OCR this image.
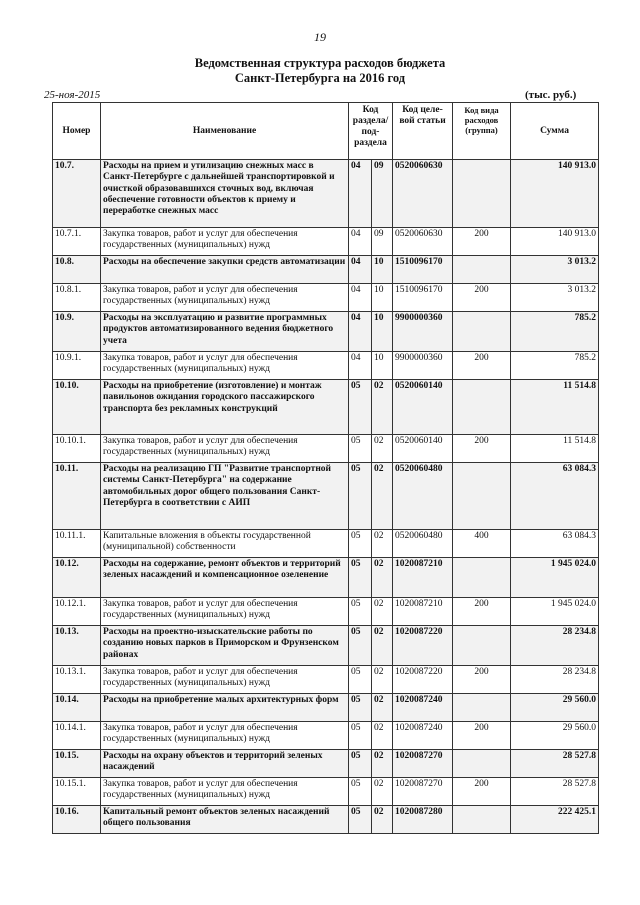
19
Ведомственная структура расходов бюджета
Санкт-Петербурга на 2016 год
25-ноя-2015	(тыс. руб.)
Номер	Наименование	Код раздела/ под- раздела		Код целе- вой статьи	Код вида расходов (группа)	Сумма
10.7.	Расходы на прием и утилизацию снежных масс в Санкт-Петербурге с дальнейшей транспортировкой и очисткой образовавшихся сточных вод, включая обеспечение готовности объектов к приему и переработке снежных масс	04	09	0520060630		140 913.0
10.7.1.	Закупка товаров, работ и услуг для обеспечения государственных (муниципальных) нужд	04	09	0520060630	200	140 913.0
10.8.	Расходы на обеспечение закупки средств автоматизации	04	10	1510096170		3 013.2
10.8.1.	Закупка товаров, работ и услуг для обеспечения государственных (муниципальных) нужд	04	10	1510096170	200	3 013.2
10.9.	Расходы на эксплуатацию и развитие программных продуктов автоматизированного ведения бюджетного учета	04	10	9900000360		785.2
10.9.1.	Закупка товаров, работ и услуг для обеспечения государственных (муниципальных) нужд	04	10	9900000360	200	785.2
10.10.	Расходы на приобретение (изготовление) и монтаж павильонов ожидания городского пассажирского транспорта без рекламных конструкций	05	02	0520060140		11 514.8
10.10.1.	Закупка товаров, работ и услуг для обеспечения государственных (муниципальных) нужд	05	02	0520060140	200	11 514.8
10.11.	Расходы на реализацию ГП "Развитие транспортной системы Санкт-Петербурга" на содержание автомобильных дорог общего пользования Санкт-Петербурга в соответствии с АИП	05	02	0520060480		63 084.3
10.11.1.	Капитальные вложения в объекты государственной (муниципальной) собственности	05	02	0520060480	400	63 084.3
10.12.	Расходы на содержание, ремонт объектов и территорий зеленых насаждений и компенсационное озеленение	05	02	1020087210		1 945 024.0
10.12.1.	Закупка товаров, работ и услуг для обеспечения государственных (муниципальных) нужд	05	02	1020087210	200	1 945 024.0
10.13.	Расходы на проектно-изыскательские работы по созданию новых парков в Приморском и Фрунзенском районах	05	02	1020087220		28 234.8
10.13.1.	Закупка товаров, работ и услуг для обеспечения государственных (муниципальных) нужд	05	02	1020087220	200	28 234.8
10.14.	Расходы на приобретение малых архитектурных форм	05	02	1020087240		29 560.0
10.14.1.	Закупка товаров, работ и услуг для обеспечения государственных (муниципальных) нужд	05	02	1020087240	200	29 560.0
10.15.	Расходы на охрану объектов и территорий зеленых насаждений	05	02	1020087270		28 527.8
10.15.1.	Закупка товаров, работ и услуг для обеспечения государственных (муниципальных) нужд	05	02	1020087270	200	28 527.8
10.16.	Капитальный ремонт объектов зеленых насаждений общего пользования	05	02	1020087280		222 425.1
